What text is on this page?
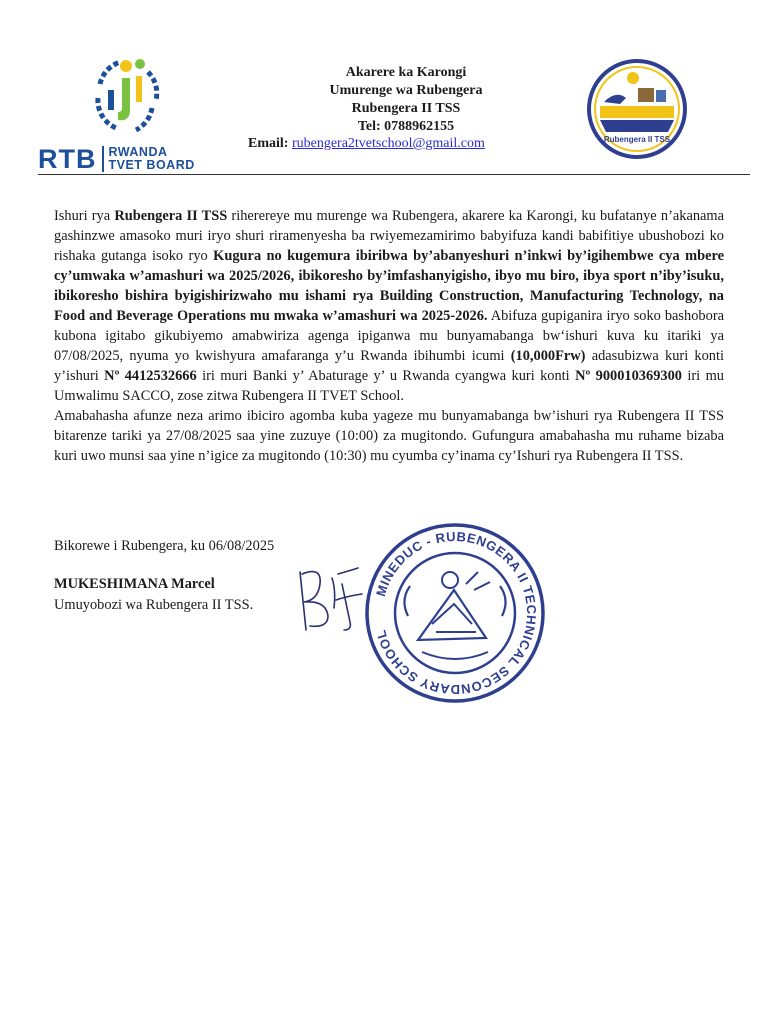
RTB RWANDA
TVET BOARD
Akarere ka Karongi
Umurenge wa Rubengera
Rubengera II TSS
Tel: 0788962155
Email: rubengera2tvetschool@gmail.com	Rubengera II TSS

Ishuri rya Rubengera II TSS riherereye mu murenge wa Rubengera, akarere ka Karongi, ku bufatanye n’akanama gashinzwe amasoko muri iryo shuri riramenyesha ba rwiyemezamirimo babyifuza kandi babifitiye ubushobozi ko rishaka gutanga isoko ryo Kugura no kugemura ibiribwa by’abanyeshuri n’inkwi by’igihembwe cya mbere cy’umwaka w’amashuri wa 2025/2026, ibikoresho by’imfashanyigisho, ibyo mu biro, ibya sport n’iby’isuku, ibikoresho bishira byigishirizwaho mu ishami rya Building Construction, Manufacturing Technology, na Food and Beverage Operations mu mwaka w’amashuri wa 2025-2026. Abifuza gupiganira iryo soko bashobora kubona igitabo gikubiyemo amabwiriza agenga ipiganwa mu bunyamabanga bw‘ishuri kuva ku itariki ya 07/08/2025, nyuma yo kwishyura amafaranga y’u Rwanda ibihumbi icumi (10,000Frw) adasubizwa kuri konti y’ishuri Nº 4412532666 iri muri Banki y’ Abaturage y’ u Rwanda cyangwa kuri konti Nº 900010369300 iri mu Umwalimu SACCO, zose zitwa Rubengera II TVET School.

Amabahasha afunze neza arimo ibiciro agomba kuba yageze mu bunyamabanga bw’ishuri rya Rubengera II TSS bitarenze tariki ya 27/08/2025 saa yine zuzuye (10:00) za mugitondo. Gufungura amabahasha mu ruhame bizaba kuri uwo munsi saa yine n’igice za mugitondo (10:30) mu cyumba cy’inama cy’Ishuri rya Rubengera II TSS.

Bikorewe i Rubengera, ku 06/08/2025
MUKESHIMANA Marcel
Umuyobozi wa Rubengera II TSS.
MINEDUC - RUBENGERA II TECHNICAL SECONDARY SCHOOL
